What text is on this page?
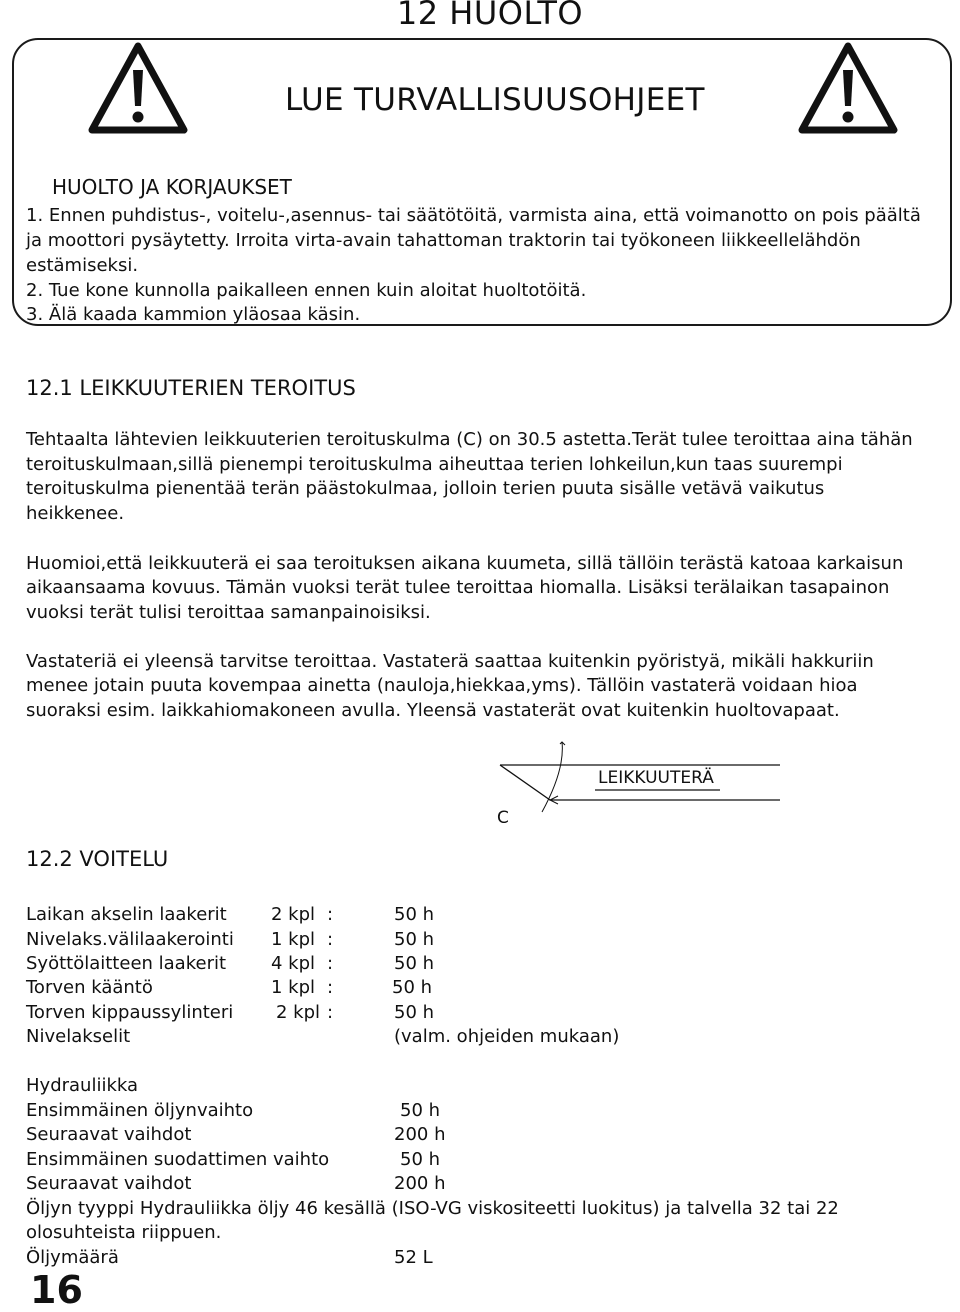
12 HUOLTO
LUE TURVALLISUUSOHJEET
HUOLTO JA KORJAUKSET
1. Ennen puhdistus-, voitelu-,asennus- tai säätötöitä, varmista aina, että voimanotto on pois päältä
ja moottori pysäytetty. Irroita virta-avain tahattoman traktorin tai työkoneen liikkeellelähdön
estämiseksi.
2. Tue kone kunnolla paikalleen ennen kuin aloitat huoltotöitä.
3. Älä kaada kammion yläosaa käsin.
12.1 LEIKKUUTERIEN TEROITUS
Tehtaalta lähtevien leikkuuterien teroituskulma (C) on 30.5 astetta.Terät tulee teroittaa aina tähän
teroituskulmaan,sillä pienempi teroituskulma aiheuttaa terien lohkeilun,kun taas suurempi
teroituskulma pienentää terän päästokulmaa, jolloin terien puuta sisälle vetävä vaikutus
heikkenee.
Huomioi,että leikkuuterä ei saa teroituksen aikana kuumeta, sillä tällöin terästä katoaa karkaisun
aikaansaama kovuus. Tämän vuoksi terät tulee teroittaa hiomalla. Lisäksi terälaikan tasapainon
vuoksi terät tulisi teroittaa samanpainoisiksi.
Vastateriä ei yleensä tarvitse teroittaa. Vastaterä saattaa kuitenkin pyöristyä, mikäli hakkuriin
menee jotain puuta kovempaa ainetta (nauloja,hiekkaa,yms). Tällöin vastaterä voidaan hioa
suoraksi esim. laikkahiomakoneen avulla. Yleensä vastaterät ovat kuitenkin huoltovapaat.
LEIKKUUTERÄ
C
12.2 VOITELU
Laikan akselin laakerit 2 kpl :	50 h
Nivelaks.välilaakerointi 1 kpl :	50 h
Syöttölaitteen laakerit 4 kpl :	50 h
Torven kääntö	1 kpl :	50 h
Torven kippaussylinteri 2 kpl :	50 h
Nivelakselit	(valm. ohjeiden mukaan)
Hydrauliikka
Ensimmäinen öljynvaihto	50 h
Seuraavat vaihdot	200 h
Ensimmäinen suodattimen vaihto	50 h
Seuraavat vaihdot	200 h
Öljyn tyyppi Hydrauliikka öljy 46 kesällä (ISO-VG viskositeetti luokitus) ja talvella 32 tai 22
olosuhteista riippuen.
Öljymäärä	52 L
16
